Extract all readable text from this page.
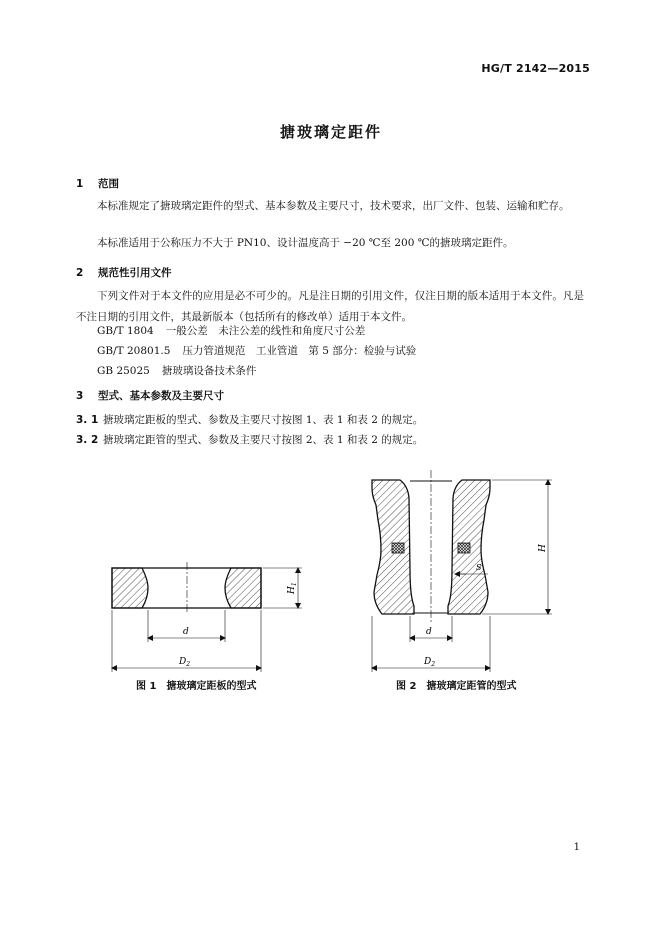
HG/T 2142—2015
搪玻璃定距件
1 范围
本标准规定了搪玻璃定距件的型式、基本参数及主要尺寸，技术要求，出厂文件、包装、运输和贮存。
本标准适用于公称压力不大于 PN10、设计温度高于 −20 ℃至 200 ℃的搪玻璃定距件。
2 规范性引用文件
下列文件对于本文件的应用是必不可少的。凡是注日期的引用文件，仅注日期的版本适用于本文件。凡是不注日期的引用文件，其最新版本（包括所有的修改单）适用于本文件。
GB/T 1804 一般公差　未注公差的线性和角度尺寸公差
GB/T 20801.5 压力管道规范　工业管道　第 5 部分：检验与试验
GB 25025 搪玻璃设备技术条件
3 型式、基本参数及主要尺寸
3. 1 搪玻璃定距板的型式、参数及主要尺寸按图 1、表 1 和表 2 的规定。
3. 2 搪玻璃定距管的型式、参数及主要尺寸按图 2、表 1 和表 2 的规定。
d
$D_2$
$H_1$
S
H
d
$D_2$
图 1　搪玻璃定距板的型式	图 2　搪玻璃定距管的型式
1
